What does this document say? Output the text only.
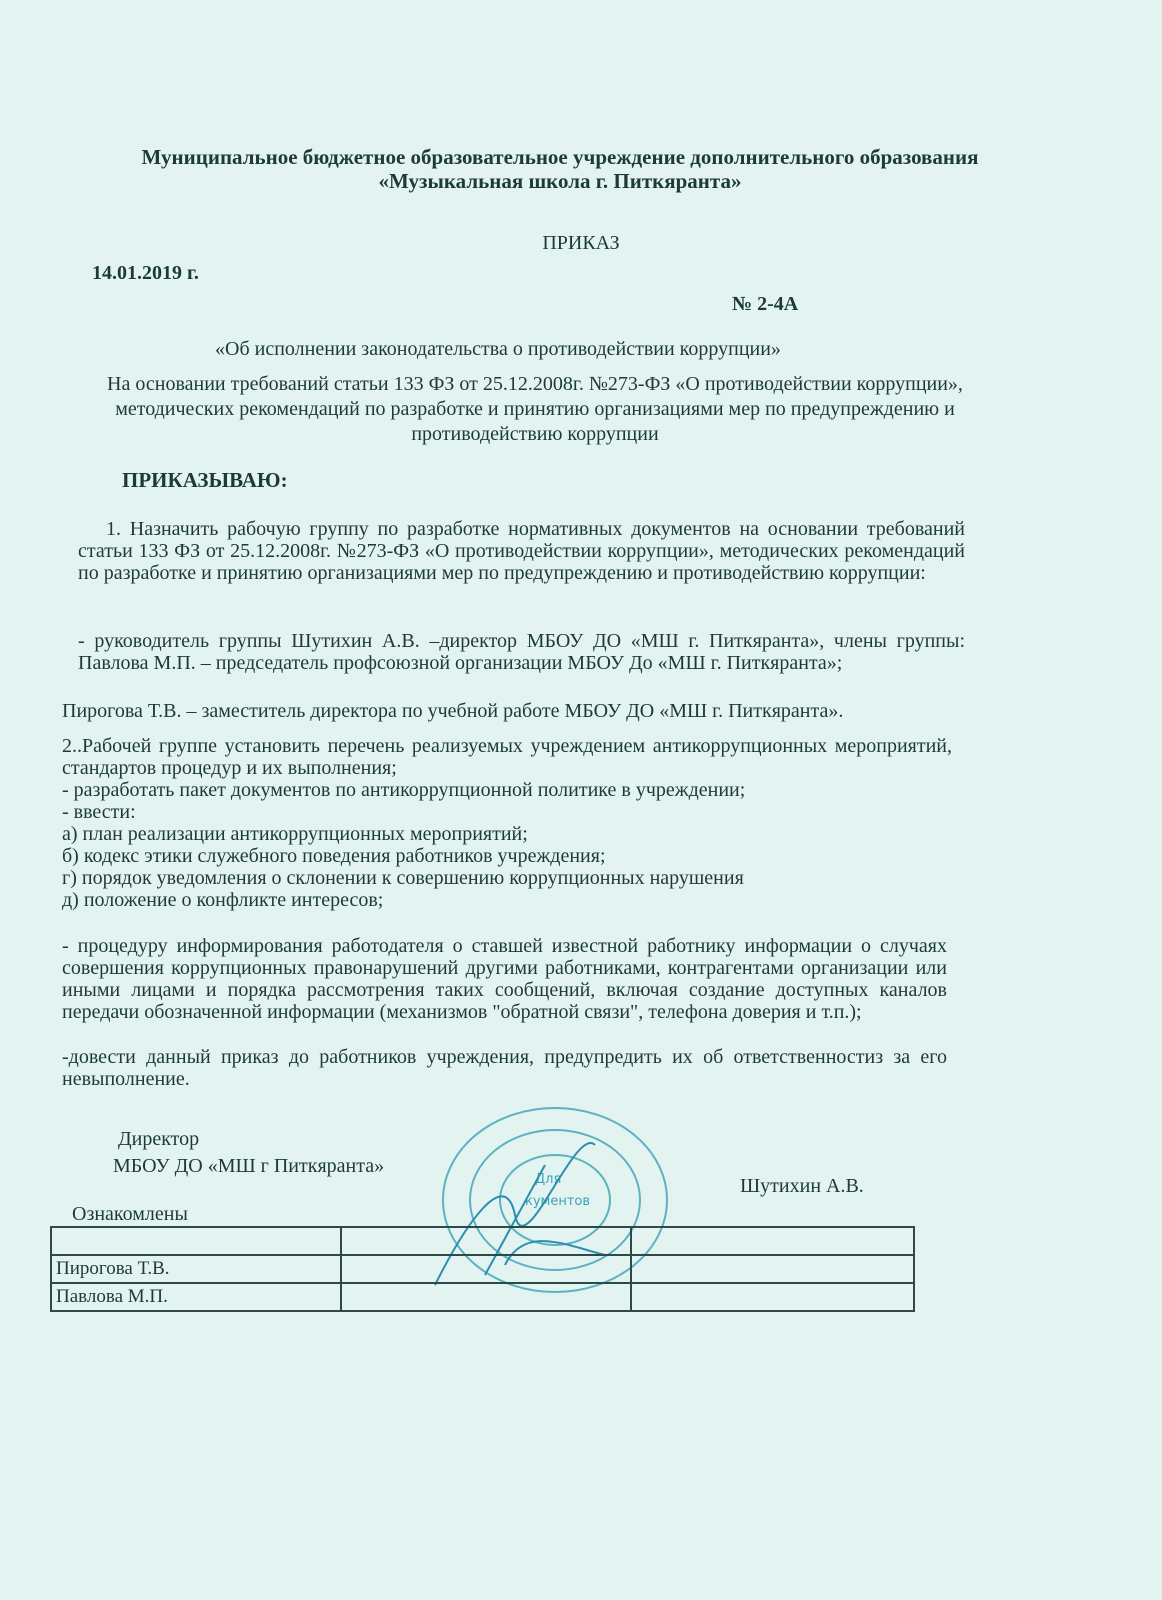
Муниципальное бюджетное образовательное учреждение дополнительного образования
«Музыкальная школа г. Питкяранта»
ПРИКАЗ
14.01.2019 г.
№ 2-4А
«Об исполнении законодательства о противодействии коррупции»
На основании требований статьи 133 ФЗ от 25.12.2008г. №273-ФЗ «О противодействии коррупции», методических рекомендаций по разработке и принятию организациями мер по предупреждению и противодействию коррупции
ПРИКАЗЫВАЮ:
1. Назначить рабочую группу по разработке нормативных документов на основании требований статьи 133 ФЗ от 25.12.2008г. №273-ФЗ «О противодействии коррупции», методических рекомендаций по разработке и принятию организациями мер по предупреждению и противодействию коррупции:
- руководитель группы Шутихин А.В. –директор МБОУ ДО «МШ г. Питкяранта», члены группы: Павлова М.П. – председатель профсоюзной организации МБОУ До «МШ г. Питкяранта»;
Пирогова Т.В. – заместитель директора по учебной работе МБОУ ДО «МШ г. Питкяранта».
2..Рабочей группе установить перечень реализуемых учреждением антикоррупционных мероприятий, стандартов процедур и их выполнения;
- разработать пакет документов по антикоррупционной политике в учреждении;
- ввести:
а) план реализации антикоррупционных мероприятий;
б) кодекс этики служебного поведения работников учреждения;
г) порядок уведомления о склонении к совершению коррупционных нарушения
д) положение о конфликте интересов;
- процедуру информирования работодателя о ставшей известной работнику информации о случаях совершения коррупционных правонарушений другими работниками, контрагентами организации или иными лицами и порядка рассмотрения таких сообщений, включая создание доступных каналов передачи обозначенной информации (механизмов "обратной связи", телефона доверия и т.п.);
-довести данный приказ до работников учреждения, предупредить их об ответственностиз за его невыполнение.
Директор
МБОУ ДО «МШ г Питкяранта»
Шутихин А.В.
Для
кументов
Ознакомлены

Пирогова Т.В.		
Павлова М.П.		
